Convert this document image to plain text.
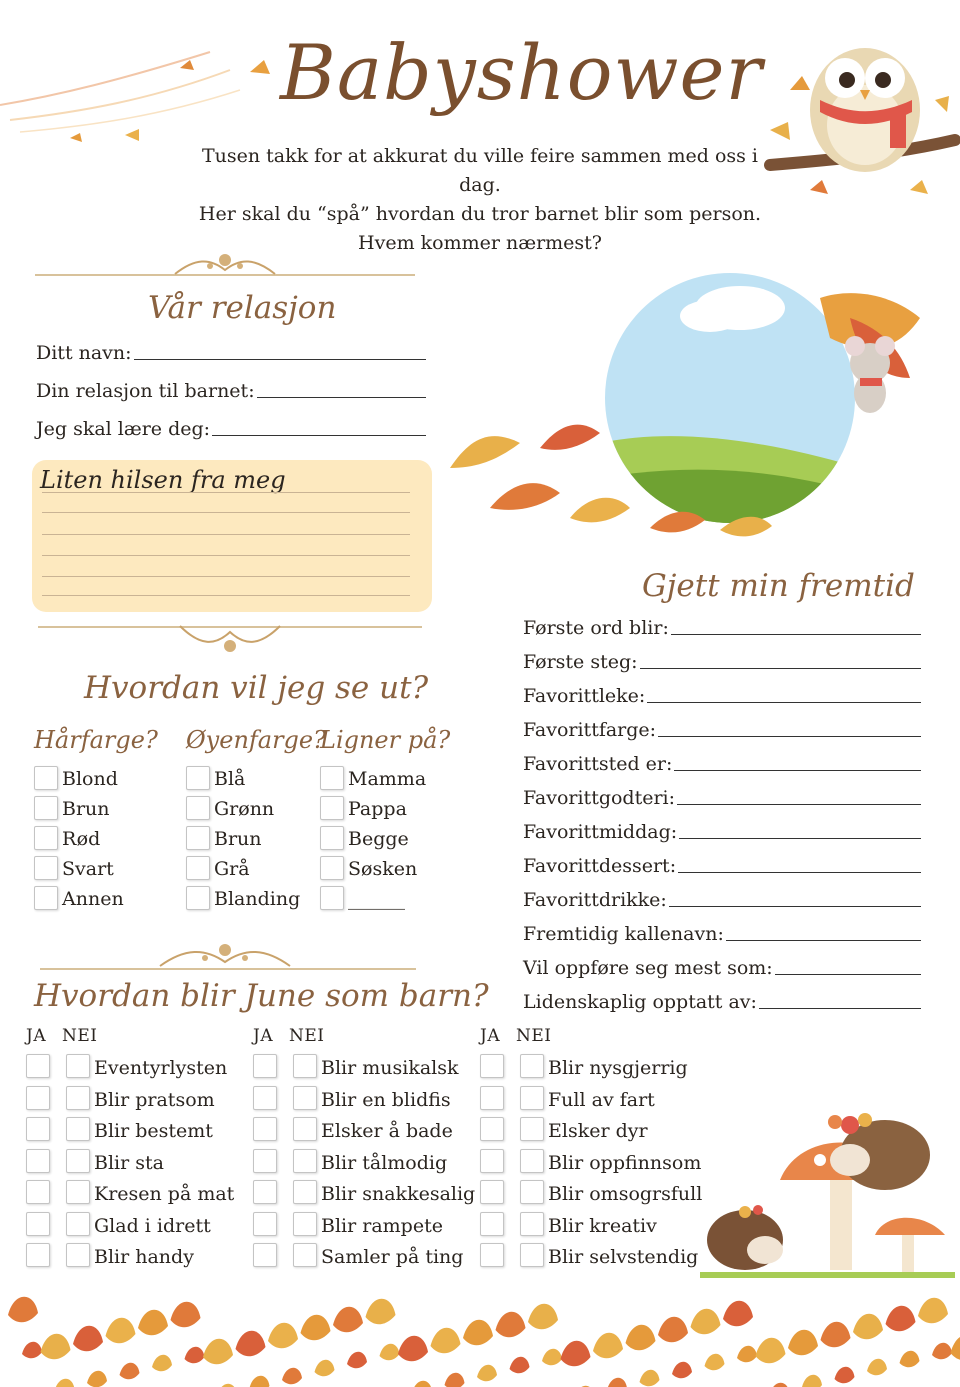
Babyshower
Tusen takk for at akkurat du ville feire sammen med oss i dag.
Her skal du “spå” hvordan du tror barnet blir som person.
Hvem kommer nærmest?
Vår relasjon
Ditt navn:
Din relasjon til barnet:
Jeg skal lære deg:
Liten hilsen fra meg
Gjett min fremtid
Første ord blir:
Første steg:
Favorittleke:
Favorittfarge:
Favorittsted er:
Favorittgodteri:
Favorittmiddag:
Favorittdessert:
Favorittdrikke:
Fremtidig kallenavn:
Vil oppføre seg mest som:
Lidenskaplig opptatt av:
Hvordan vil jeg se ut?
Hårfarge?
Blond
Brun
Rød
Svart
Annen
Øyenfarge?
Blå
Grønn
Brun
Grå
Blanding
Ligner på?
Mamma
Pappa
Begge
Søsken
______
Hvordan blir June som barn?
JA NEI
Eventyrlysten
Blir pratsom
Blir bestemt
Blir sta
Kresen på mat
Glad i idrett
Blir handy
JA NEI
Blir musikalsk
Blir en blidfis
Elsker å bade
Blir tålmodig
Blir snakkesalig
Blir rampete
Samler på ting
JA NEI
Blir nysgjerrig
Full av fart
Elsker dyr
Blir oppfinnsom
Blir omsogrsfull
Blir kreativ
Blir selvstendig
